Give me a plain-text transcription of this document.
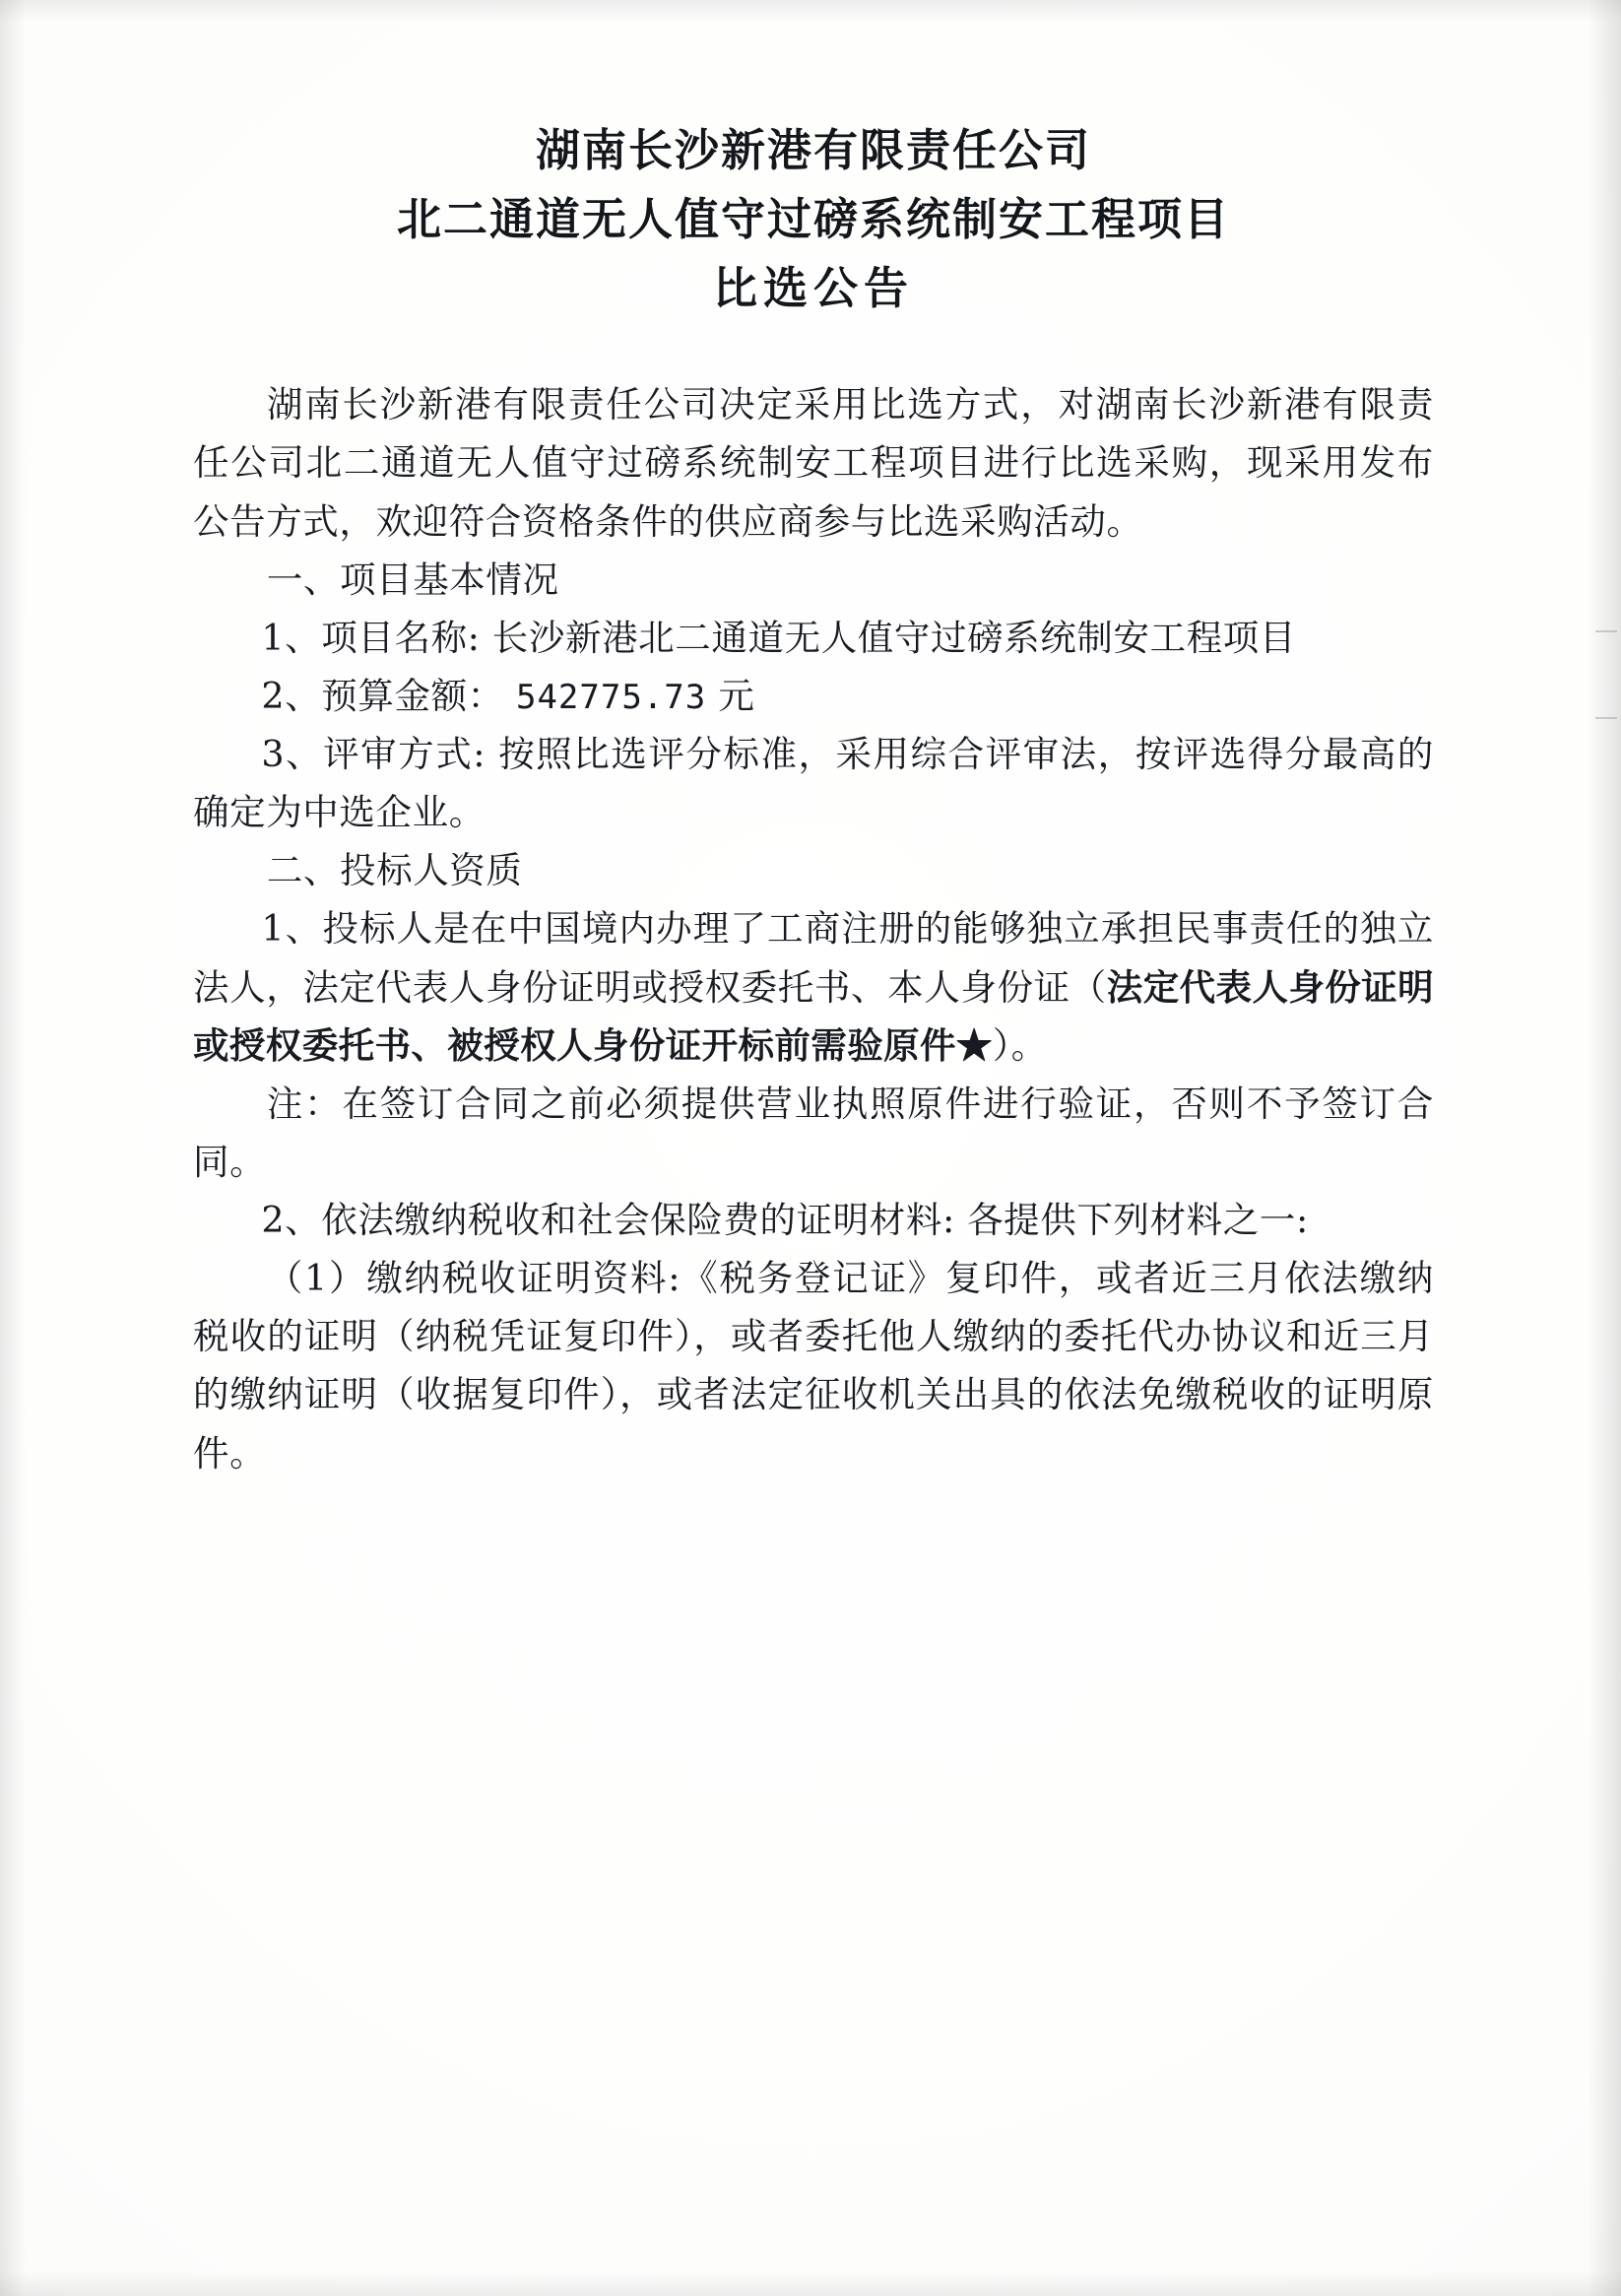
湖南长沙新港有限责任公司
北二通道无人值守过磅系统制安工程项目
比选公告

湖南长沙新港有限责任公司决定采用比选方式，对湖南长沙新港有限责任公司北二通道无人值守过磅系统制安工程项目进行比选采购，现采用发布公告方式，欢迎符合资格条件的供应商参与比选采购活动。

一、项目基本情况

1、项目名称: 长沙新港北二通道无人值守过磅系统制安工程项目

2、预算金额： 542775.73 元

3、评审方式: 按照比选评分标准，采用综合评审法，按评选得分最高的确定为中选企业。

二、投标人资质

1、投标人是在中国境内办理了工商注册的能够独立承担民事责任的独立法人，法定代表人身份证明或授权委托书、本人身份证（法定代表人身份证明或授权委托书、被授权人身份证开标前需验原件★）。

注：在签订合同之前必须提供营业执照原件进行验证，否则不予签订合同。

2、依法缴纳税收和社会保险费的证明材料: 各提供下列材料之一:

（1）缴纳税收证明资料:《税务登记证》复印件，或者近三月依法缴纳税收的证明（纳税凭证复印件），或者委托他人缴纳的委托代办协议和近三月的缴纳证明（收据复印件），或者法定征收机关出具的依法免缴税收的证明原件。
